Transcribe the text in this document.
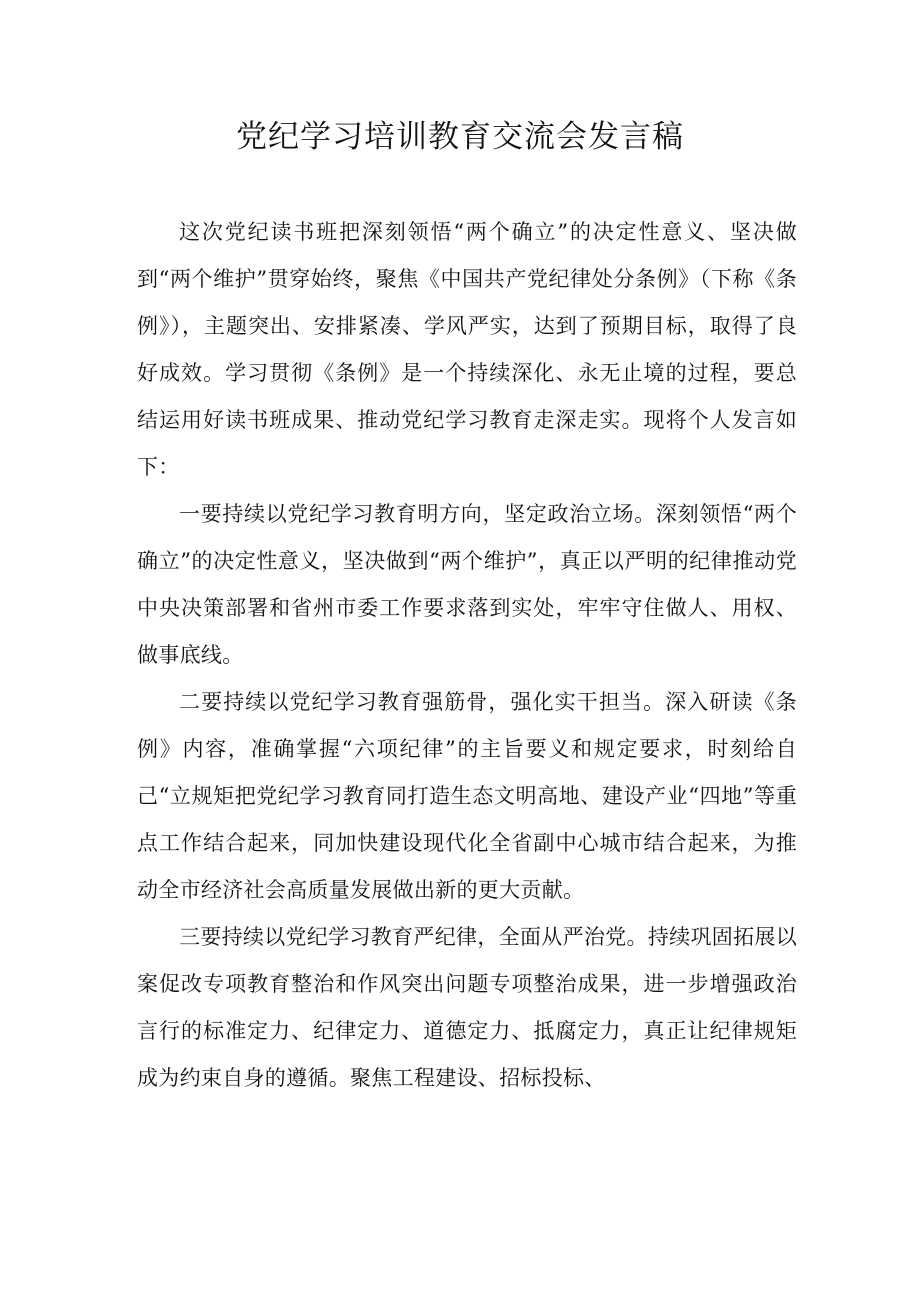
党纪学习培训教育交流会发言稿

这次党纪读书班把深刻领悟“两个确立”的决定性意义、坚决做到“两个维护”贯穿始终，聚焦《中国共产党纪律处分条例》（下称《条例》），主题突出、安排紧凑、学风严实，达到了预期目标，取得了良好成效。学习贯彻《条例》是一个持续深化、永无止境的过程，要总结运用好读书班成果、推动党纪学习教育走深走实。现将个人发言如下：

一要持续以党纪学习教育明方向，坚定政治立场。深刻领悟“两个确立”的决定性意义，坚决做到“两个维护”，真正以严明的纪律推动党中央决策部署和省州市委工作要求落到实处，牢牢守住做人、用权、做事底线。

二要持续以党纪学习教育强筋骨，强化实干担当。深入研读《条例》内容，准确掌握“六项纪律”的主旨要义和规定要求，时刻给自己“立规矩把党纪学习教育同打造生态文明高地、建设产业“四地”等重点工作结合起来，同加快建设现代化全省副中心城市结合起来，为推动全市经济社会高质量发展做出新的更大贡献。

三要持续以党纪学习教育严纪律，全面从严治党。持续巩固拓展以案促改专项教育整治和作风突出问题专项整治成果，进一步增强政治言行的标准定力、纪律定力、道德定力、抵腐定力，真正让纪律规矩成为约束自身的遵循。聚焦工程建设、招标投标、
